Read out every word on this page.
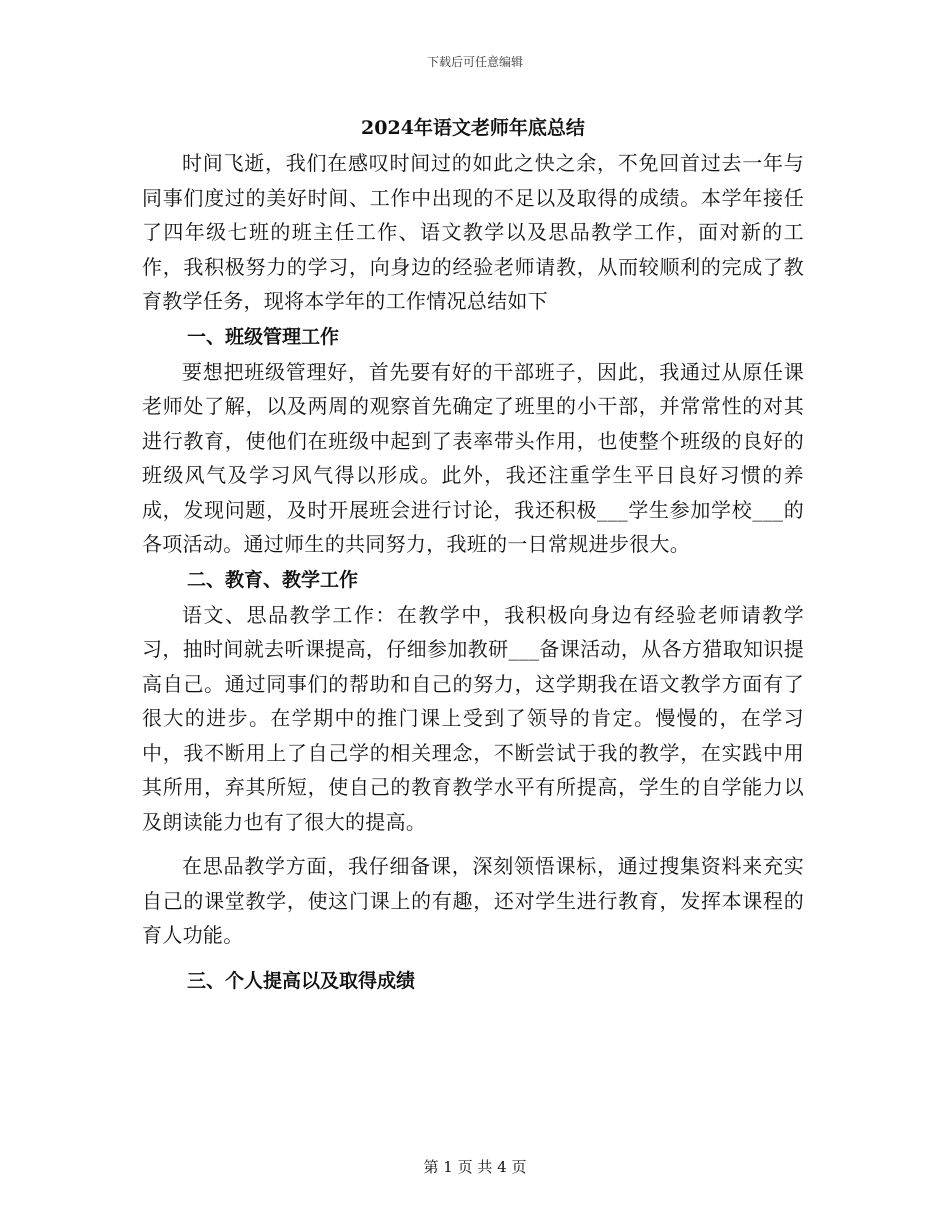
下载后可任意编辑
2024年语文老师年底总结

时间飞逝，我们在感叹时间过的如此之快之余，不免回首过去一年与同事们度过的美好时间、工作中出现的不足以及取得的成绩。本学年接任了四年级七班的班主任工作、语文教学以及思品教学工作，面对新的工作，我积极努力的学习，向身边的经验老师请教，从而较顺利的完成了教育教学任务，现将本学年的工作情况总结如下

一、班级管理工作

要想把班级管理好，首先要有好的干部班子，因此，我通过从原任课老师处了解，以及两周的观察首先确定了班里的小干部，并常常性的对其进行教育，使他们在班级中起到了表率带头作用，也使整个班级的良好的班级风气及学习风气得以形成。此外，我还注重学生平日良好习惯的养成，发现问题，及时开展班会进行讨论，我还积极___学生参加学校___的各项活动。通过师生的共同努力，我班的一日常规进步很大。

二、教育、教学工作

语文、思品教学工作：在教学中，我积极向身边有经验老师请教学习，抽时间就去听课提高，仔细参加教研___备课活动，从各方猎取知识提高自己。通过同事们的帮助和自己的努力，这学期我在语文教学方面有了很大的进步。在学期中的推门课上受到了领导的肯定。慢慢的，在学习中，我不断用上了自己学的相关理念，不断尝试于我的教学，在实践中用其所用，弃其所短，使自己的教育教学水平有所提高，学生的自学能力以及朗读能力也有了很大的提高。

在思品教学方面，我仔细备课，深刻领悟课标，通过搜集资料来充实自己的课堂教学，使这门课上的有趣，还对学生进行教育，发挥本课程的育人功能。

三、个人提高以及取得成绩
第 1 页 共 4 页
